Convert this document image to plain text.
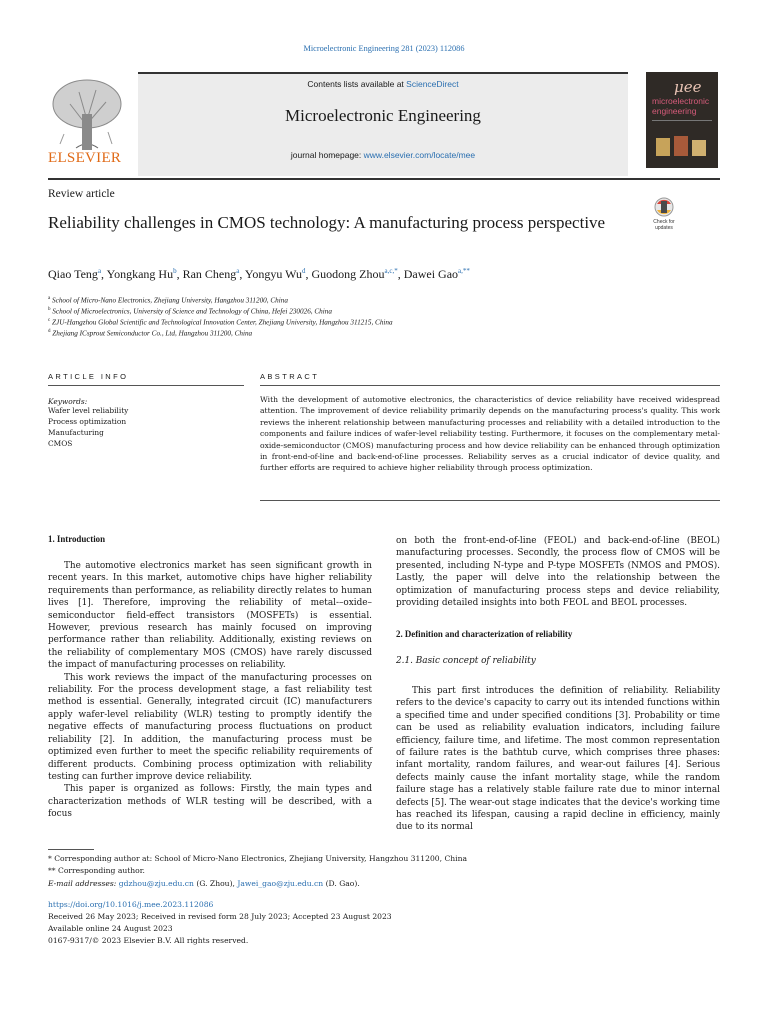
Microelectronic Engineering 281 (2023) 112086
Contents lists available at ScienceDirect
Microelectronic Engineering
journal homepage: www.elsevier.com/locate/mee
ELSEVIER
μee
microelectronic
engineering
Review article
Reliability challenges in CMOS technology: A manufacturing process perspective	Check for
updates
Qiao Teng$^a$, Yongkang Hu$^b$, Ran Cheng$^a$, Yongyu Wu$^d$, Guodong Zhou$^{a,c,*}$, Dawei Gao$^{a,**}$
$^a$ School of Micro-Nano Electronics, Zhejiang University, Hangzhou 311200, China
$^b$ School of Microelectronics, University of Science and Technology of China, Hefei 230026, China
$^c$ ZJU-Hangzhou Global Scientific and Technological Innovation Center, Zhejiang University, Hangzhou 311215, China
$^d$ Zhejiang ICsprout Semiconductor Co., Ltd, Hangzhou 311200, China
ARTICLE INFO	ABSTRACT
Keywords:
Wafer level reliability
Process optimization
Manufacturing
CMOS
With the development of automotive electronics, the characteristics of device reliability have received widespread attention. The improvement of device reliability primarily depends on the manufacturing process's quality. This work reviews the inherent relationship between manufacturing processes and reliability with a detailed introduction to the components and failure indices of wafer-level reliability testing. Furthermore, it focuses on the complementary metal-oxide-semiconductor (CMOS) manufacturing process and how device reliability can be enhanced through optimization in front-end-of-line and back-end-of-line processes. Reliability serves as a crucial indicator of device quality, and further efforts are required to achieve higher reliability through process optimization.
1. Introduction

The automotive electronics market has seen significant growth in recent years. In this market, automotive chips have higher reliability requirements than performance, as reliability directly relates to human lives [1]. Therefore, improving the reliability of metal-–oxide–semiconductor field-effect transistors (MOSFETs) is essential. However, previous research has mainly focused on improving performance rather than reliability. Additionally, existing reviews on the reliability of complementary MOS (CMOS) have rarely discussed the impact of manufacturing processes on reliability.

This work reviews the impact of the manufacturing processes on reliability. For the process development stage, a fast reliability test method is essential. Generally, integrated circuit (IC) manufacturers apply wafer-level reliability (WLR) testing to promptly identify the negative effects of manufacturing process fluctuations on product reliability [2]. In addition, the manufacturing process must be optimized even further to meet the specific reliability requirements of different products. Combining process optimization with reliability testing can further improve device reliability.

This paper is organized as follows: Firstly, the main types and characterization methods of WLR testing will be described, with a focus

on both the front-end-of-line (FEOL) and back-end-of-line (BEOL) manufacturing processes. Secondly, the process flow of CMOS will be presented, including N-type and P-type MOSFETs (NMOS and PMOS). Lastly, the paper will delve into the relationship between the optimization of manufacturing process steps and device reliability, providing detailed insights into both FEOL and BEOL processes.

2. Definition and characterization of reliability
2.1. Basic concept of reliability

This part first introduces the definition of reliability. Reliability refers to the device's capacity to carry out its intended functions within a specified time and under specified conditions [3]. Probability or time can be used as reliability evaluation indicators, including failure efficiency, failure time, and lifetime. The most common representation of failure rates is the bathtub curve, which comprises three phases: infant mortality, random failures, and wear-out failures [4]. Serious defects mainly cause the infant mortality stage, while the random failure stage has a relatively stable failure rate due to minor internal defects [5]. The wear-out stage indicates that the device's working time has reached its lifespan, causing a rapid decline in efficiency, mainly due to its normal

* Corresponding author at: School of Micro-Nano Electronics, Zhejiang University, Hangzhou 311200, China
** Corresponding author.
E-mail addresses: gdzhou@zju.edu.cn (G. Zhou), Jawei_gao@zju.edu.cn (D. Gao).
https://doi.org/10.1016/j.mee.2023.112086
Received 26 May 2023; Received in revised form 28 July 2023; Accepted 23 August 2023
Available online 24 August 2023
0167-9317/© 2023 Elsevier B.V. All rights reserved.
